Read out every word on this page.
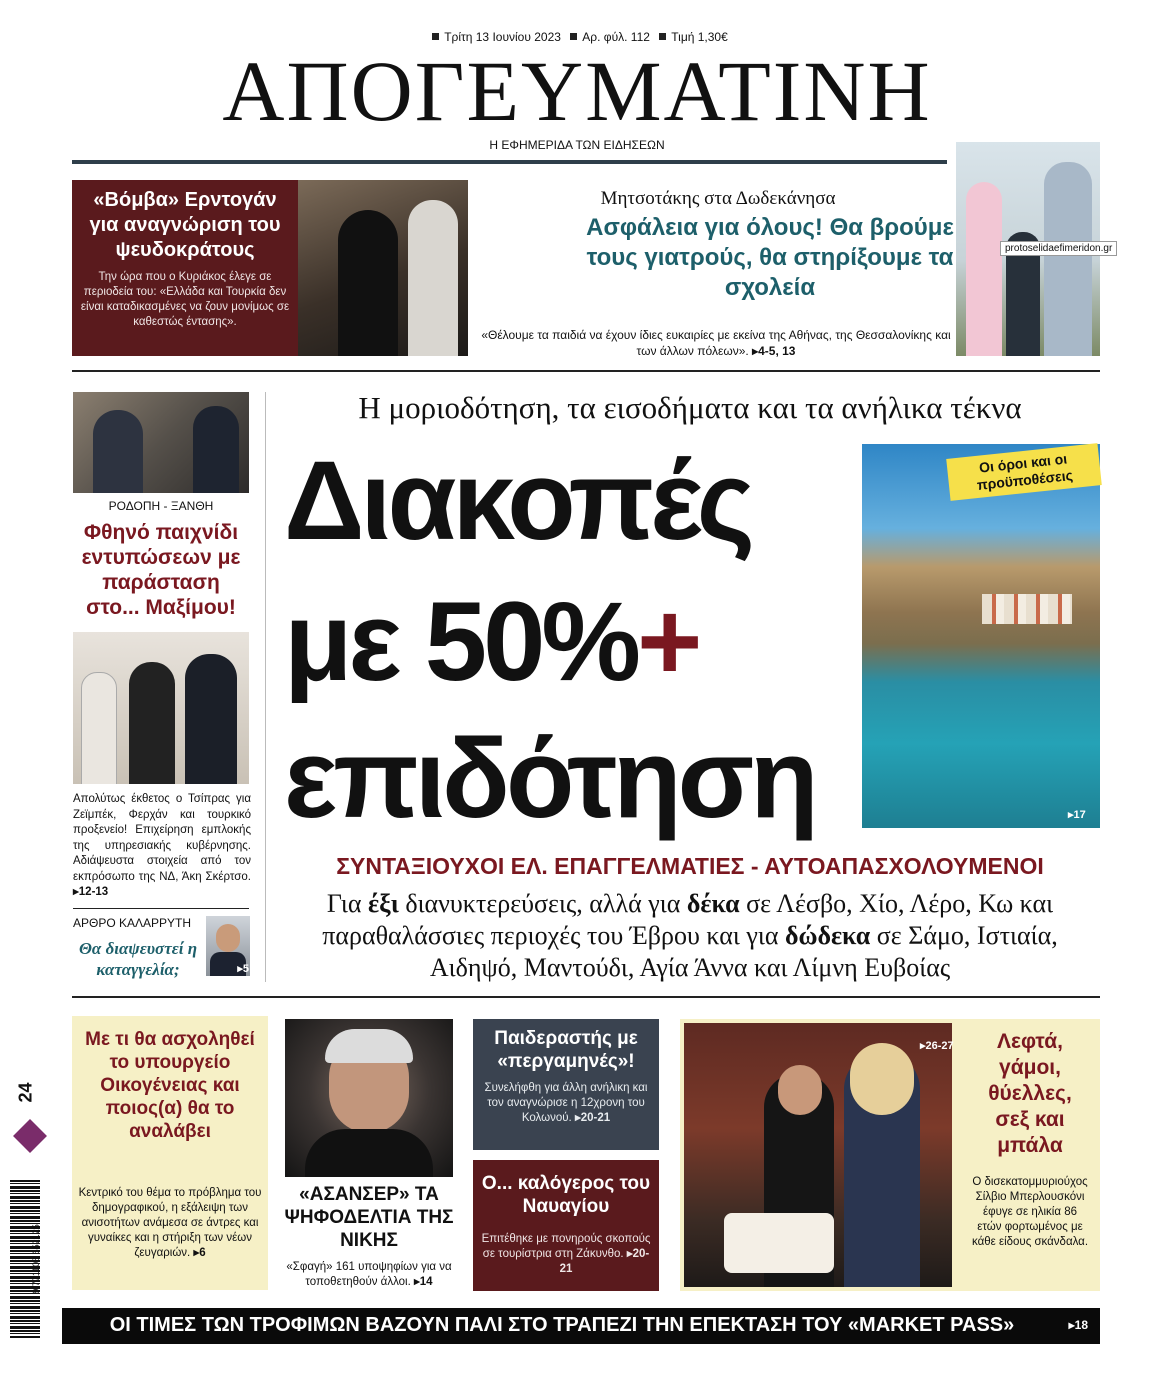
Τρίτη 13 Ιουνίου 2023 Αρ. φύλ. 112 Τιμή 1,30€
ΑΠΟΓΕΥΜΑΤΙΝΗ
Η ΕΦΗΜΕΡΙΔΑ ΤΩΝ ΕΙΔΗΣΕΩΝ
«Βόμβα» Ερντογάν για αναγνώριση του ψευδοκράτους
Την ώρα που ο Κυριάκος έλεγε σε περιοδεία του: «Ελλάδα και Τουρκία δεν είναι καταδικασμένες να ζουν μονίμως σε καθεστώς έντασης».
Μητσοτάκης στα Δωδεκάνησα
Ασφάλεια για όλους! Θα βρούμε τους γιατρούς, θα στηρίξουμε τα σχολεία
«Θέλουμε τα παιδιά να έχουν ίδιες ευκαιρίες με εκείνα της Αθήνας, της Θεσσαλονίκης και των άλλων πόλεων». ▸4-5, 13
protoselidaefimeridon.gr
ΡΟΔΟΠΗ - ΞΑΝΘΗ
Φθηνό παιχνίδι εντυπώσεων με παράσταση στο... Μαξίμου!
Απολύτως έκθετος ο Τσίπρας για Ζεϊμπέκ, Φερχάν και τουρκικό προξενείο! Επιχείρηση εμπλοκής της υπηρεσιακής κυβέρνησης. Αδιάψευστα στοιχεία από τον εκπρόσωπο της ΝΔ, Άκη Σκέρτσο. ▸12-13
ΑΡΘΡΟ ΚΑΛΑΡΡΥΤΗ
Θα διαψευστεί η καταγγελία;	▸5
Η μοριοδότηση, τα εισοδήματα και τα ανήλικα τέκνα
Διακοπές
με 50%+
επιδότηση
Οι όροι και οι προϋποθέσεις
▸17
ΣΥΝΤΑΞΙΟΥΧΟΙ ΕΛ. ΕΠΑΓΓΕΛΜΑΤΙΕΣ - ΑΥΤΟΑΠΑΣΧΟΛΟΥΜΕΝΟΙ
Για έξι διανυκτερεύσεις, αλλά για δέκα σε Λέσβο, Χίο, Λέρο, Κω και παραθαλάσσιες περιοχές του Έβρου και για δώδεκα σε Σάμο, Ιστιαία, Αιδηψό, Μαντούδι, Αγία Άννα και Λίμνη Ευβοίας
24
9 771108 652125
Με τι θα ασχοληθεί το υπουργείο Οικογένειας και ποιος(α) θα το αναλάβει
Κεντρικό του θέμα το πρόβλημα του δημογραφικού, η εξάλειψη των ανισοτήτων ανάμεσα σε άντρες και γυναίκες και η στήριξη των νέων ζευγαριών. ▸6
«ΑΣΑΝΣΕΡ» ΤΑ ΨΗΦΟΔΕΛΤΙΑ ΤΗΣ ΝΙΚΗΣ
«Σφαγή» 161 υποψηφίων για να τοποθετηθούν άλλοι. ▸14
Παιδεραστής με «περγαμηνές»!
Συνελήφθη για άλλη ανήλικη και τον αναγνώρισε η 12χρονη του Κολωνού. ▸20-21
Ο... καλόγερος του Ναυαγίου
Επιτέθηκε με πονηρούς σκοπούς σε τουρίστρια στη Ζάκυνθο. ▸20-21
▸26-27	Λεφτά, γάμοι, θύελλες, σεξ και μπάλα
Ο δισεκατομμυριούχος Σίλβιο Μπερλουσκόνι έφυγε σε ηλικία 86 ετών φορτωμένος με κάθε είδους σκάνδαλα.
ΟΙ ΤΙΜΕΣ ΤΩΝ ΤΡΟΦΙΜΩΝ ΒΑΖΟΥΝ ΠΑΛΙ ΣΤΟ ΤΡΑΠΕΖΙ ΤΗΝ ΕΠΕΚΤΑΣΗ ΤΟΥ «MARKET PASS»	▸18
